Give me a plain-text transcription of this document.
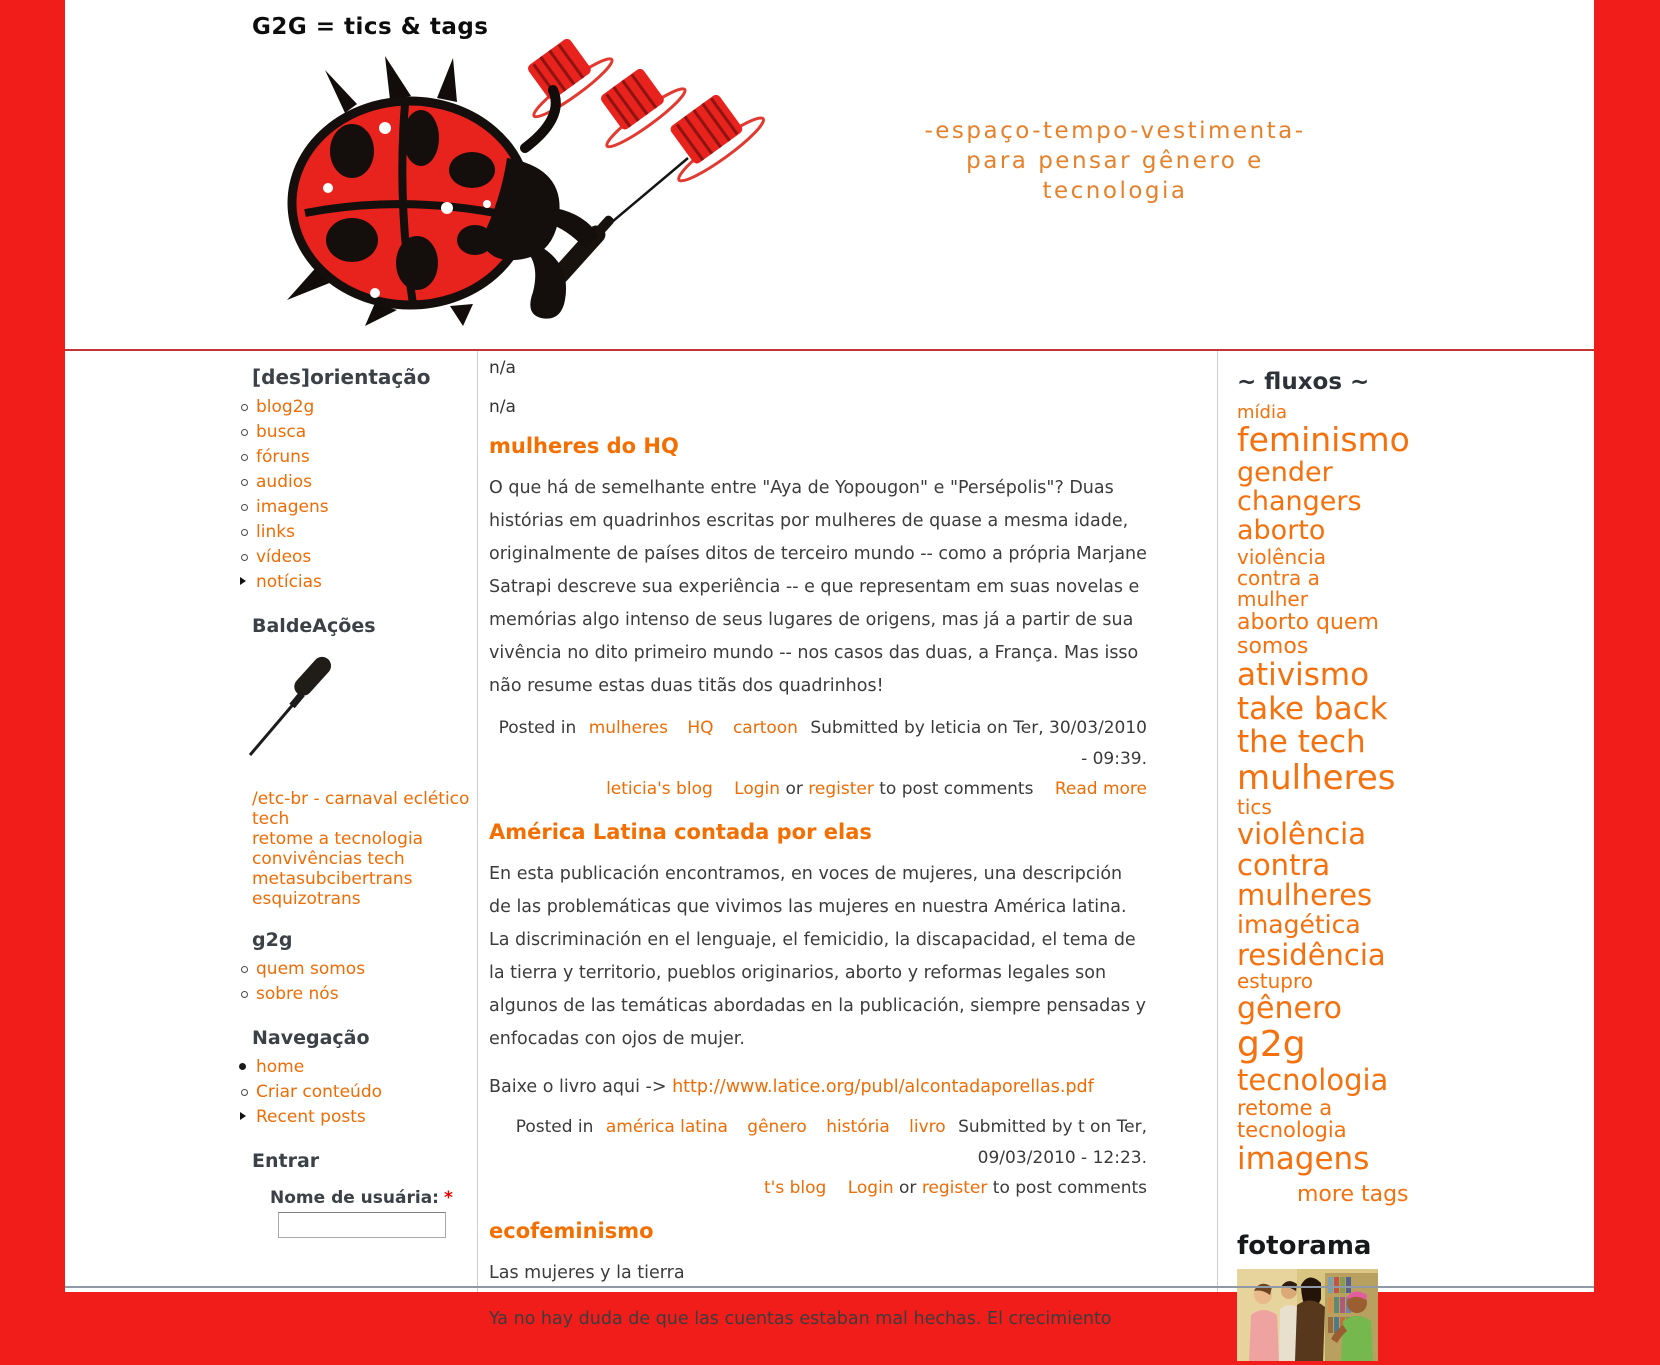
G2G = tics & tags
-espaço-tempo-vestimenta-
para pensar gênero e
tecnologia
[des]orientação
blog2g
busca
fóruns
audios
imagens
links
vídeos
notícias
BaldeAções
/etc-br - carnaval eclético tech
retome a tecnologia
convivências tech
metasubcibertrans
esquizotrans
g2g
quem somos
sobre nós
Navegação
home
Criar conteúdo
Recent posts
Entrar
Nome de usuária: *
n/a
n/a
mulheres do HQ

O que há de semelhante entre "Aya de Yopougon" e "Persépolis"? Duas histórias em quadrinhos escritas por mulheres de quase a mesma idade, originalmente de países ditos de terceiro mundo -- como a própria Marjane Satrapi descreve sua experiência -- e que representam em suas novelas e memórias algo intenso de seus lugares de origens, mas já a partir de sua vivência no dito primeiro mundo -- nos casos das duas, a França. Mas isso não resume estas duas titãs dos quadrinhos!

Posted in mulheres HQ cartoon Submitted by leticia on Ter, 30/03/2010 - 09:39.
leticia's blog Login or register to post comments Read more
América Latina contada por elas

En esta publicación encontramos, en voces de mujeres, una descripción de las problemáticas que vivimos las mujeres en nuestra América latina. La discriminación en el lenguaje, el femicidio, la discapacidad, el tema de la tierra y territorio, pueblos originarios, aborto y reformas legales son algunos de las temáticas abordadas en la publicación, siempre pensadas y enfocadas con ojos de mujer.

Baixe o livro aqui -> http://www.latice.org/publ/alcontadaporellas.pdf
Posted in américa latina gênero história livro Submitted by t on Ter, 09/03/2010 - 12:23.
t's blog Login or register to post comments
ecofeminismo

Las mujeres y la tierra

Ya no hay duda de que las cuentas estaban mal hechas. El crecimiento

~ fluxos ~
mídia
feminismo
gender changers
aborto
violência contra a mulher
aborto quem somos
ativismo
take back the tech
mulheres
tics
violência contra mulheres
imagética
residência
estupro
gênero
g2g
tecnologia
retome a tecnologia
imagens
more tags
fotorama
